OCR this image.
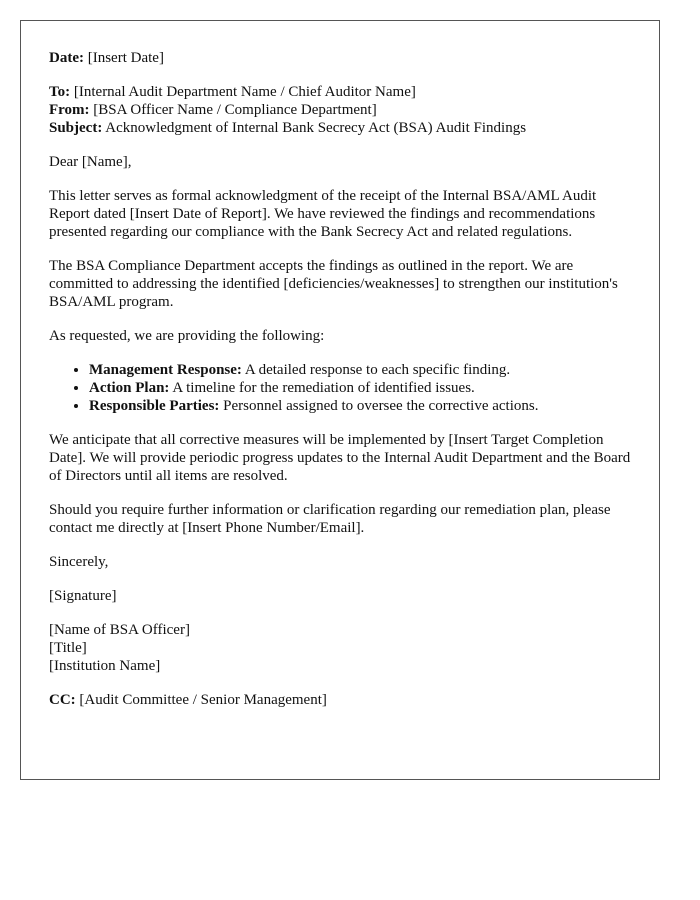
Date: [Insert Date]

To: [Internal Audit Department Name / Chief Auditor Name]
From: [BSA Officer Name / Compliance Department]
Subject: Acknowledgment of Internal Bank Secrecy Act (BSA) Audit Findings

Dear [Name],

This letter serves as formal acknowledgment of the receipt of the Internal BSA/AML Audit Report dated [Insert Date of Report]. We have reviewed the findings and recommendations presented regarding our compliance with the Bank Secrecy Act and related regulations.

The BSA Compliance Department accepts the findings as outlined in the report. We are committed to addressing the identified [deficiencies/weaknesses] to strengthen our institution's BSA/AML program.

As requested, we are providing the following:

• Management Response: A detailed response to each specific finding.
• Action Plan: A timeline for the remediation of identified issues.
• Responsible Parties: Personnel assigned to oversee the corrective actions.

We anticipate that all corrective measures will be implemented by [Insert Target Completion Date]. We will provide periodic progress updates to the Internal Audit Department and the Board of Directors until all items are resolved.

Should you require further information or clarification regarding our remediation plan, please contact me directly at [Insert Phone Number/Email].

Sincerely,

[Signature]

[Name of BSA Officer]
[Title]
[Institution Name]

CC: [Audit Committee / Senior Management]
